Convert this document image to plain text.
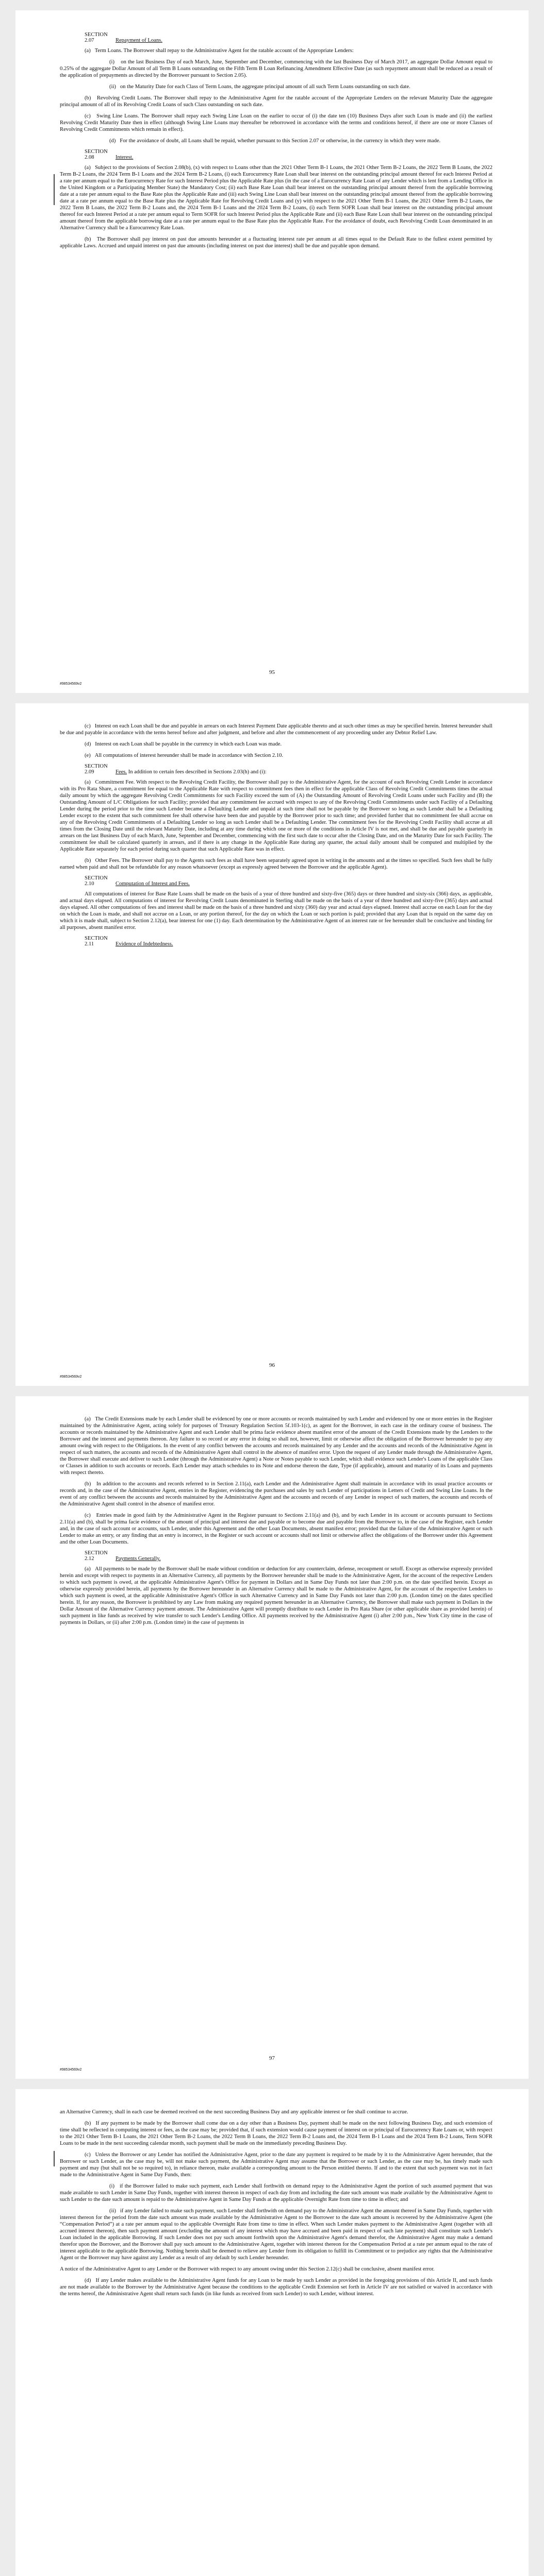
SECTION 2.07	Repayment of Loans.

(a)   Term Loans. The Borrower shall repay to the Administrative Agent for the ratable account of the Appropriate Lenders:

(i)    on the last Business Day of each March, June, September and December, commencing with the last Business Day of March 2017, an aggregate Dollar Amount equal to 0.25% of the aggregate Dollar Amount of all Term B Loans outstanding on the Fifth Term B Loan Refinancing Amendment Effective Date (as such repayment amount shall be reduced as a result of the application of prepayments as directed by the Borrower pursuant to Section 2.05).

(ii)   on the Maturity Date for each Class of Term Loans, the aggregate principal amount of all such Term Loans outstanding on such date.

(b)   Revolving Credit Loans. The Borrower shall repay to the Administrative Agent for the ratable account of the Appropriate Lenders on the relevant Maturity Date the aggregate principal amount of all of its Revolving Credit Loans of such Class outstanding on such date.

(c)   Swing Line Loans. The Borrower shall repay each Swing Line Loan on the earlier to occur of (i) the date ten (10) Business Days after such Loan is made and (ii) the earliest Revolving Credit Maturity Date then in effect (although Swing Line Loans may thereafter be reborrowed in accordance with the terms and conditions hereof, if there are one or more Classes of Revolving Credit Commitments which remain in effect).

(d)   For the avoidance of doubt, all Loans shall be repaid, whether pursuant to this Section 2.07 or otherwise, in the currency in which they were made.

SECTION 2.08	Interest.

(a)   Subject to the provisions of Section 2.08(b), (x) with respect to Loans other than the 2021 Other Term B-1 Loans, the 2021 Other Term B-2 Loans, the 2022 Term B Loans, the 2022 Term B-2 Loans, the 2024 Term B-1 Loans and the 2024 Term B-2 Loans, (i) each Eurocurrency Rate Loan shall bear interest on the outstanding principal amount thereof for each Interest Period at a rate per annum equal to the Eurocurrency Rate for such Interest Period plus the Applicable Rate plus (in the case of a Eurocurrency Rate Loan of any Lender which is lent from a Lending Office in the United Kingdom or a Participating Member State) the Mandatory Cost; (ii) each Base Rate Loan shall bear interest on the outstanding principal amount thereof from the applicable borrowing date at a rate per annum equal to the Base Rate plus the Applicable Rate and (iii) each Swing Line Loan shall bear interest on the outstanding principal amount thereof from the applicable borrowing date at a rate per annum equal to the Base Rate plus the Applicable Rate for Revolving Credit Loans and (y) with respect to the 2021 Other Term B-1 Loans, the 2021 Other Term B-2 Loans, the 2022 Term B Loans, the 2022 Term B-2 Loans and, the 2024 Term B-1 Loans and the 2024 Term B-2 Loans, (i) each Term SOFR Loan shall bear interest on the outstanding principal amount thereof for each Interest Period at a rate per annum equal to Term SOFR for such Interest Period plus the Applicable Rate and (ii) each Base Rate Loan shall bear interest on the outstanding principal amount thereof from the applicable borrowing date at a rate per annum equal to the Base Rate plus the Applicable Rate. For the avoidance of doubt, each Revolving Credit Loan denominated in an Alternative Currency shall be a Eurocurrency Rate Loan.

(b)   The Borrower shall pay interest on past due amounts hereunder at a fluctuating interest rate per annum at all times equal to the Default Rate to the fullest extent permitted by applicable Laws. Accrued and unpaid interest on past due amounts (including interest on past due interest) shall be due and payable upon demand.

95
#98534569v2

(c)   Interest on each Loan shall be due and payable in arrears on each Interest Payment Date applicable thereto and at such other times as may be specified herein. Interest hereunder shall be due and payable in accordance with the terms hereof before and after judgment, and before and after the commencement of any proceeding under any Debtor Relief Law.

(d)   Interest on each Loan shall be payable in the currency in which each Loan was made.

(e)   All computations of interest hereunder shall be made in accordance with Section 2.10.

SECTION 2.09	Fees. In addition to certain fees described in Sections 2.03(h) and (i):

(a)   Commitment Fee. With respect to the Revolving Credit Facility, the Borrower shall pay to the Administrative Agent, for the account of each Revolving Credit Lender in accordance with its Pro Rata Share, a commitment fee equal to the Applicable Rate with respect to commitment fees then in effect for the applicable Class of Revolving Credit Commitments times the actual daily amount by which the aggregate Revolving Credit Commitments for such Facility exceed the sum of (A) the Outstanding Amount of Revolving Credit Loans under such Facility and (B) the Outstanding Amount of L/C Obligations for such Facility; provided that any commitment fee accrued with respect to any of the Revolving Credit Commitments under such Facility of a Defaulting Lender during the period prior to the time such Lender became a Defaulting Lender and unpaid at such time shall not be payable by the Borrower so long as such Lender shall be a Defaulting Lender except to the extent that such commitment fee shall otherwise have been due and payable by the Borrower prior to such time; and provided further that no commitment fee shall accrue on any of the Revolving Credit Commitments of a Defaulting Lender so long as such Lender shall be a Defaulting Lender. The commitment fees for the Revolving Credit Facility shall accrue at all times from the Closing Date until the relevant Maturity Date, including at any time during which one or more of the conditions in Article IV is not met, and shall be due and payable quarterly in arrears on the last Business Day of each March, June, September and December, commencing with the first such date to occur after the Closing Date, and on the Maturity Date for such Facility. The commitment fee shall be calculated quarterly in arrears, and if there is any change in the Applicable Rate during any quarter, the actual daily amount shall be computed and multiplied by the Applicable Rate separately for each period during such quarter that such Applicable Rate was in effect.

(b)   Other Fees. The Borrower shall pay to the Agents such fees as shall have been separately agreed upon in writing in the amounts and at the times so specified. Such fees shall be fully earned when paid and shall not be refundable for any reason whatsoever (except as expressly agreed between the Borrower and the applicable Agent).

SECTION 2.10	Computation of Interest and Fees.

All computations of interest for Base Rate Loans shall be made on the basis of a year of three hundred and sixty-five (365) days or three hundred and sixty-six (366) days, as applicable, and actual days elapsed. All computations of interest for Revolving Credit Loans denominated in Sterling shall be made on the basis of a year of three hundred and sixty-five (365) days and actual days elapsed. All other computations of fees and interest shall be made on the basis of a three hundred and sixty (360) day year and actual days elapsed. Interest shall accrue on each Loan for the day on which the Loan is made, and shall not accrue on a Loan, or any portion thereof, for the day on which the Loan or such portion is paid; provided that any Loan that is repaid on the same day on which it is made shall, subject to Section 2.12(a), bear interest for one (1) day. Each determination by the Administrative Agent of an interest rate or fee hereunder shall be conclusive and binding for all purposes, absent manifest error.

SECTION 2.11	Evidence of Indebtedness.
96
#98534569v2

(a)   The Credit Extensions made by each Lender shall be evidenced by one or more accounts or records maintained by such Lender and evidenced by one or more entries in the Register maintained by the Administrative Agent, acting solely for purposes of Treasury Regulation Section 5f.103-1(c), as agent for the Borrower, in each case in the ordinary course of business. The accounts or records maintained by the Administrative Agent and each Lender shall be prima facie evidence absent manifest error of the amount of the Credit Extensions made by the Lenders to the Borrower and the interest and payments thereon. Any failure to so record or any error in doing so shall not, however, limit or otherwise affect the obligation of the Borrower hereunder to pay any amount owing with respect to the Obligations. In the event of any conflict between the accounts and records maintained by any Lender and the accounts and records of the Administrative Agent in respect of such matters, the accounts and records of the Administrative Agent shall control in the absence of manifest error. Upon the request of any Lender made through the Administrative Agent, the Borrower shall execute and deliver to such Lender (through the Administrative Agent) a Note or Notes payable to such Lender, which shall evidence such Lender's Loans of the applicable Class or Classes in addition to such accounts or records. Each Lender may attach schedules to its Note and endorse thereon the date, Type (if applicable), amount and maturity of its Loans and payments with respect thereto.

(b)   In addition to the accounts and records referred to in Section 2.11(a), each Lender and the Administrative Agent shall maintain in accordance with its usual practice accounts or records and, in the case of the Administrative Agent, entries in the Register, evidencing the purchases and sales by such Lender of participations in Letters of Credit and Swing Line Loans. In the event of any conflict between the accounts and records maintained by the Administrative Agent and the accounts and records of any Lender in respect of such matters, the accounts and records of the Administrative Agent shall control in the absence of manifest error.

(c)   Entries made in good faith by the Administrative Agent in the Register pursuant to Sections 2.11(a) and (b), and by each Lender in its account or accounts pursuant to Sections 2.11(a) and (b), shall be prima facie evidence of the amount of principal and interest due and payable or to become due and payable from the Borrower to, in the case of the Register, each Lender and, in the case of such account or accounts, such Lender, under this Agreement and the other Loan Documents, absent manifest error; provided that the failure of the Administrative Agent or such Lender to make an entry, or any finding that an entry is incorrect, in the Register or such account or accounts shall not limit or otherwise affect the obligations of the Borrower under this Agreement and the other Loan Documents.

SECTION 2.12	Payments Generally.

(a)   All payments to be made by the Borrower shall be made without condition or deduction for any counterclaim, defense, recoupment or setoff. Except as otherwise expressly provided herein and except with respect to payments in an Alternative Currency, all payments by the Borrower hereunder shall be made to the Administrative Agent, for the account of the respective Lenders to which such payment is owed, at the applicable Administrative Agent's Office for payment in Dollars and in Same Day Funds not later than 2:00 p.m. on the date specified herein. Except as otherwise expressly provided herein, all payments by the Borrower hereunder in an Alternative Currency shall be made to the Administrative Agent, for the account of the respective Lenders to which such payment is owed, at the applicable Administrative Agent's Office in such Alternative Currency and in Same Day Funds not later than 2:00 p.m. (London time) on the dates specified herein. If, for any reason, the Borrower is prohibited by any Law from making any required payment hereunder in an Alternative Currency, the Borrower shall make such payment in Dollars in the Dollar Amount of the Alternative Currency payment amount. The Administrative Agent will promptly distribute to each Lender its Pro Rata Share (or other applicable share as provided herein) of such payment in like funds as received by wire transfer to such Lender's Lending Office. All payments received by the Administrative Agent (i) after 2:00 p.m., New York City time in the case of payments in Dollars, or (ii) after 2:00 p.m. (London time) in the case of payments in

97
#98534569v2

an Alternative Currency, shall in each case be deemed received on the next succeeding Business Day and any applicable interest or fee shall continue to accrue.

(b)   If any payment to be made by the Borrower shall come due on a day other than a Business Day, payment shall be made on the next following Business Day, and such extension of time shall be reflected in computing interest or fees, as the case may be; provided that, if such extension would cause payment of interest on or principal of Eurocurrency Rate Loans or, with respect to the 2021 Other Term B-1 Loans, the 2021 Other Term B-2 Loans, the 2022 Term B Loans, the 2022 Term B-2 Loans and, the 2024 Term B-1 Loans and the 2024 Term B-2 Loans, Term SOFR Loans to be made in the next succeeding calendar month, such payment shall be made on the immediately preceding Business Day.

(c)   Unless the Borrower or any Lender has notified the Administrative Agent, prior to the date any payment is required to be made by it to the Administrative Agent hereunder, that the Borrower or such Lender, as the case may be, will not make such payment, the Administrative Agent may assume that the Borrower or such Lender, as the case may be, has timely made such payment and may (but shall not be so required to), in reliance thereon, make available a corresponding amount to the Person entitled thereto. If and to the extent that such payment was not in fact made to the Administrative Agent in Same Day Funds, then:

(i)   if the Borrower failed to make such payment, each Lender shall forthwith on demand repay to the Administrative Agent the portion of such assumed payment that was made available to such Lender in Same Day Funds, together with interest thereon in respect of each day from and including the date such amount was made available by the Administrative Agent to such Lender to the date such amount is repaid to the Administrative Agent in Same Day Funds at the applicable Overnight Rate from time to time in effect; and

(ii)   if any Lender failed to make such payment, such Lender shall forthwith on demand pay to the Administrative Agent the amount thereof in Same Day Funds, together with interest thereon for the period from the date such amount was made available by the Administrative Agent to the Borrower to the date such amount is recovered by the Administrative Agent (the “Compensation Period”) at a rate per annum equal to the applicable Overnight Rate from time to time in effect. When such Lender makes payment to the Administrative Agent (together with all accrued interest thereon), then such payment amount (excluding the amount of any interest which may have accrued and been paid in respect of such late payment) shall constitute such Lender's Loan included in the applicable Borrowing. If such Lender does not pay such amount forthwith upon the Administrative Agent's demand therefor, the Administrative Agent may make a demand therefor upon the Borrower, and the Borrower shall pay such amount to the Administrative Agent, together with interest thereon for the Compensation Period at a rate per annum equal to the rate of interest applicable to the applicable Borrowing. Nothing herein shall be deemed to relieve any Lender from its obligation to fulfill its Commitment or to prejudice any rights that the Administrative Agent or the Borrower may have against any Lender as a result of any default by such Lender hereunder.

A notice of the Administrative Agent to any Lender or the Borrower with respect to any amount owing under this Section 2.12(c) shall be conclusive, absent manifest error.

(d)   If any Lender makes available to the Administrative Agent funds for any Loan to be made by such Lender as provided in the foregoing provisions of this Article II, and such funds are not made available to the Borrower by the Administrative Agent because the conditions to the applicable Credit Extension set forth in Article IV are not satisfied or waived in accordance with the terms hereof, the Administrative Agent shall return such funds (in like funds as received from such Lender) to such Lender, without interest.
